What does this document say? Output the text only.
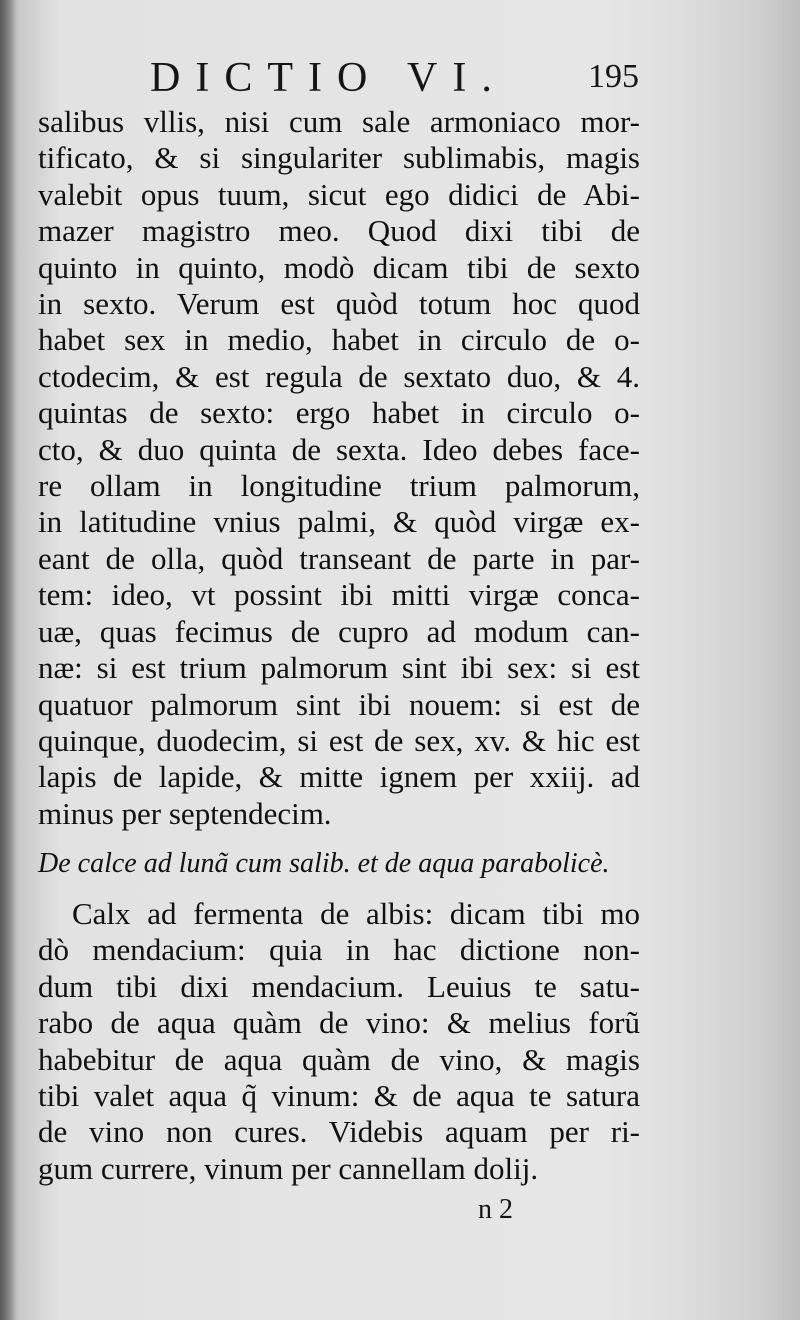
DICTIO VI. 195
salibus vllis, nisi cum sale armoniaco mor-
tificato, & si singulariter sublimabis, magis
valebit opus tuum, sicut ego didici de Abi-
mazer magistro meo. Quod dixi tibi de
quinto in quinto, modò dicam tibi de sexto
in sexto. Verum est quòd totum hoc quod
habet sex in medio, habet in circulo de o-
ctodecim, & est regula de sextato duo, & 4.
quintas de sexto: ergo habet in circulo o-
cto, & duo quinta de sexta. Ideo debes face-
re ollam in longitudine trium palmorum,
in latitudine vnius palmi, & quòd virgæ ex-
eant de olla, quòd transeant de parte in par-
tem: ideo, vt possint ibi mitti virgæ conca-
uæ, quas fecimus de cupro ad modum can-
næ: si est trium palmorum sint ibi sex: si est
quatuor palmorum sint ibi nouem: si est de
quinque, duodecim, si est de sex, xv. & hic est
lapis de lapide, & mitte ignem per xxiij. ad
minus per septendecim.
De calce ad lunã cum salib. et de aqua parabolicè.
Calx ad fermenta de albis: dicam tibi mo
dò mendacium: quia in hac dictione non-
dum tibi dixi mendacium. Leuius te satu-
rabo de aqua quàm de vino: & melius forũ
habebitur de aqua quàm de vino, & magis
tibi valet aqua q̃ vinum: & de aqua te satura
de vino non cures. Videbis aquam per ri-
gum currere, vinum per cannellam dolij.
n 2
